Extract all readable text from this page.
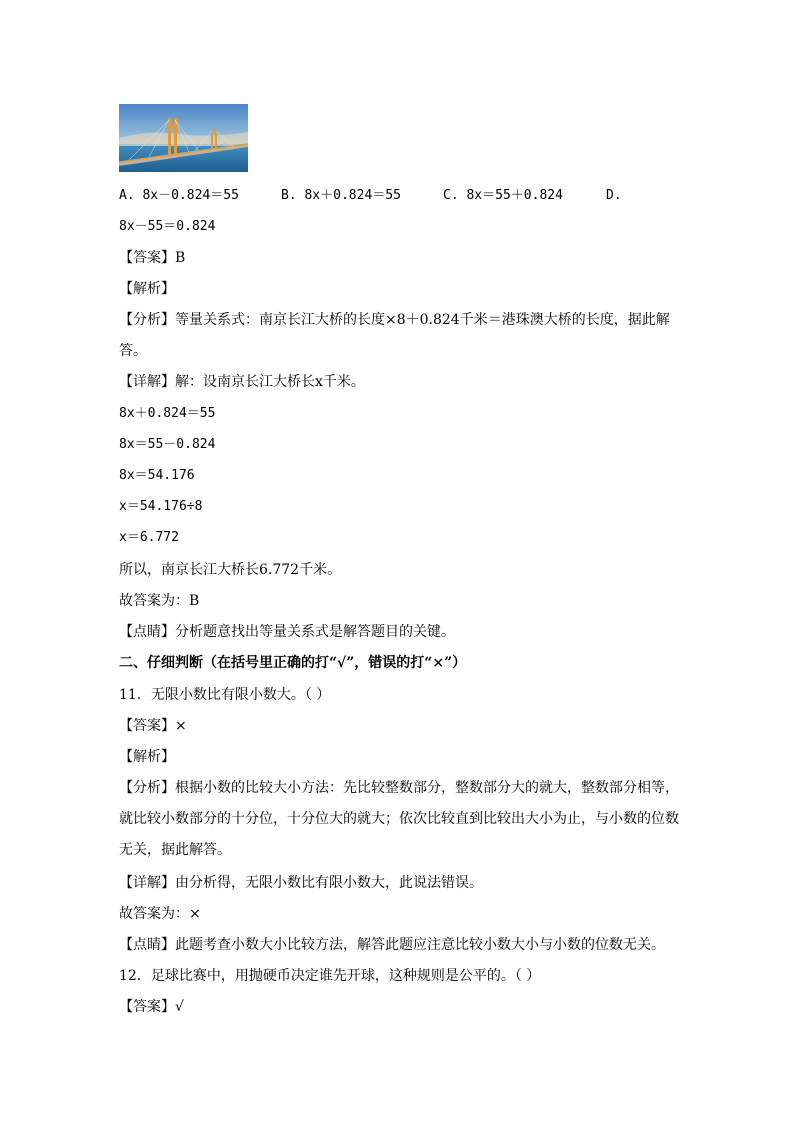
A. 8x－0.824＝55	B. 8x＋0.824＝55	C. 8x＝55＋0.824	D.
8x－55＝0.824
【答案】B
【解析】
【分析】等量关系式：南京长江大桥的长度×8＋0.824千米＝港珠澳大桥的长度，据此解答。
【详解】解：设南京长江大桥长x千米。
8x＋0.824＝55
8x＝55－0.824
8x＝54.176
x＝54.176÷8
x＝6.772
所以，南京长江大桥长6.772千米。
故答案为：B
【点睛】分析题意找出等量关系式是解答题目的关键。
二、仔细判断（在括号里正确的打“√”，错误的打“×”）
11．无限小数比有限小数大。（ ）
【答案】×
【解析】
【分析】根据小数的比较大小方法：先比较整数部分，整数部分大的就大，整数部分相等，就比较小数部分的十分位，十分位大的就大；依次比较直到比较出大小为止，与小数的位数无关，据此解答。
【详解】由分析得，无限小数比有限小数大，此说法错误。
故答案为：×
【点睛】此题考查小数大小比较方法，解答此题应注意比较小数大小与小数的位数无关。
12．足球比赛中，用抛硬币决定谁先开球，这种规则是公平的。（ ）
【答案】√
